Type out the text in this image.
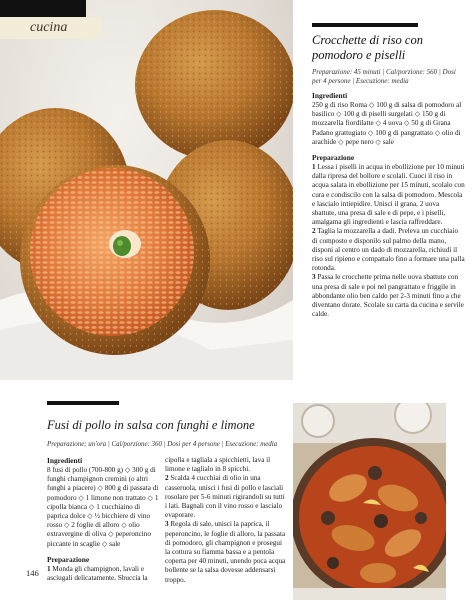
cucina
Crocchette di riso con pomodoro e piselli
Preparazione: 45 minuti | Cal/porzione: 560 | Dosi per 4 persone | Esecuzione: media
Ingredienti

250 g di riso Roma ◇ 100 g di salsa di pomodoro al basilico ◇ 100 g di piselli surgelati ◇ 150 g di mozzarella fiordilatte ◇ 4 uova ◇ 50 g di Grana Padano grattugiato ◇ 100 g di pangrattato ◇ olio di arachide ◇ pepe nero ◇ sale

Preparazione

1 Lessa i piselli in acqua in ebollizione per 10 minuti dalla ripresa del bollore e scolali. Cuoci il riso in acqua salata in ebollizione per 15 minuti, scolalo con cura e condiscilo con la salsa di pomodoro. Mescola e lascialo intiepidire. Unisci il grana, 2 uova sbattute, una presa di sale e di pepe, e i piselli, amalgama gli ingredienti e lascia raffreddare.

2 Taglia la mozzarella a dadi. Preleva un cucchiaio di composto e disponilo sul palmo della mano, disponi al centro un dado di mozzarella, richiudi il riso sul ripieno e compattalo fino a formare una palla rotonda.

3 Passa le crocchette prima nelle uova sbattute con una presa di sale e poi nel pangrattato e friggile in abbondante olio ben caldo per 2-3 minuti fino a che diventano dorate. Scolale su carta da cucina e servile calde.

Fusi di pollo in salsa con funghi e limone
Preparazione: un'ora | Cal/porzione: 360 | Dosi per 4 persone | Esecuzione: media
Ingredienti

8 fusi di pollo (700-800 g) ◇ 300 g di funghi champignon cremini (o altri funghi a piacere) ◇ 800 g di passata di pomodoro ◇ 1 limone non trattato ◇ 1 cipolla bianca ◇ 1 cucchiaino di paprica dolce ◇ ½ bicchiere di vino rosso ◇ 2 foglie di alloro ◇ olio extravergine di oliva ◇ peperoncino piccante in scaglie ◇ sale

Preparazione

1 Monda gli champignon, lavali e asciugali delicatamente. Sbuccia la

cipolla e tagliala a spicchietti, lava il limone e taglialo in 8 spicchi.

2 Scalda 4 cucchiai di olio in una casseruola, unisci i fusi di pollo e lasciali rosolare per 5-6 minuti rigirandoli su tutti i lati. Bagnali con il vino rosso e lascialo evaporare.

3 Regola di sale, unisci la paprica, il peperoncino, le foglie di alloro, la passata di pomodoro, gli champignon e prosegui la cottura su fiamma bassa e a pentola coperta per 40 minuti, unendo poca acqua bollente se la salsa dovesse addensarsi troppo.

146
